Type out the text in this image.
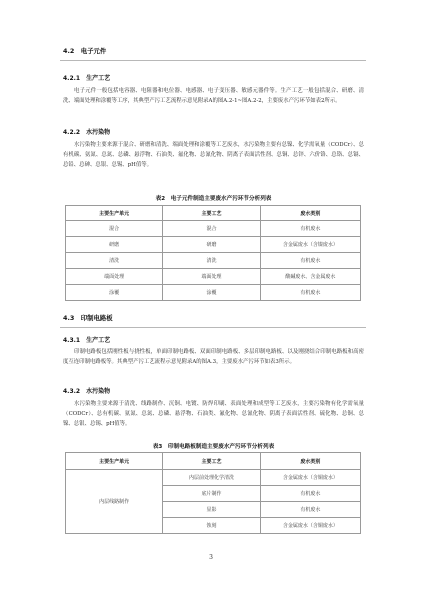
4.2　电子元件
4.2.1　生产工艺

电子元件一般包括电容器、电阻器和电位器、电感器、电子变压器、敏感元器件等。生产工艺一般包括混合、研磨、清洗、端面处理和涂覆等工序，其典型产污工艺流程示意见附录A的图A.2-1~图A.2-2，主要废水产污环节如表2所示。

4.2.2　水污染物

水污染物主要来源于混合、研磨和清洗、端面处理和涂覆等工艺废水，水污染物主要有总镍、化学需氧量（CODCr）、总有机碳、氨氮、总氮、总磷、悬浮物、石油类、氟化物、总氰化物、阴离子表面活性剂、总铜、总锌、六价铬、总铬、总镉、总铅、总砷、总银、总锡、pH值等。

表2　电子元件制造主要废水产污环节分析列表
主要生产单元	主要工艺	废水类别
混合	混合	有机废水
研磨	研磨	含金属废水（含镍废水）
清洗	清洗	有机废水
端面处理	端面处理	酸碱废水、含金属废水
涂覆	涂覆	有机废水
4.3　印制电路板
4.3.1　生产工艺

印制电路板包括刚性板与挠性板，单面印制电路板、双面印制电路板、多层印制电路板、以及刚挠结合印制电路板和高密度互连印制电路板等。其典型产污工艺流程示意见附录A的图A.3，主要废水产污环节如表3所示。

4.3.2　水污染物

水污染物主要来源于清洗、线路制作、沉铜、电镀、防焊印刷、表面处理和成型等工艺废水，主要污染物有化学需氧量（CODCr）、总有机碳、氨氮、总氮、总磷、悬浮物、石油类、氟化物、总氰化物、阴离子表面活性剂、硫化物、总铜、总镍、总银、总锡、pH值等。

表3　印制电路板制造主要废水产污环节分析列表
主要生产单元	主要工艺	废水类别
内层线路制作	内层前处理化学清洗	含金属废水（含铜废水）
	底片制作	有机废水
	显影	有机废水
	蚀刻	含金属废水（含铜废水）
3
